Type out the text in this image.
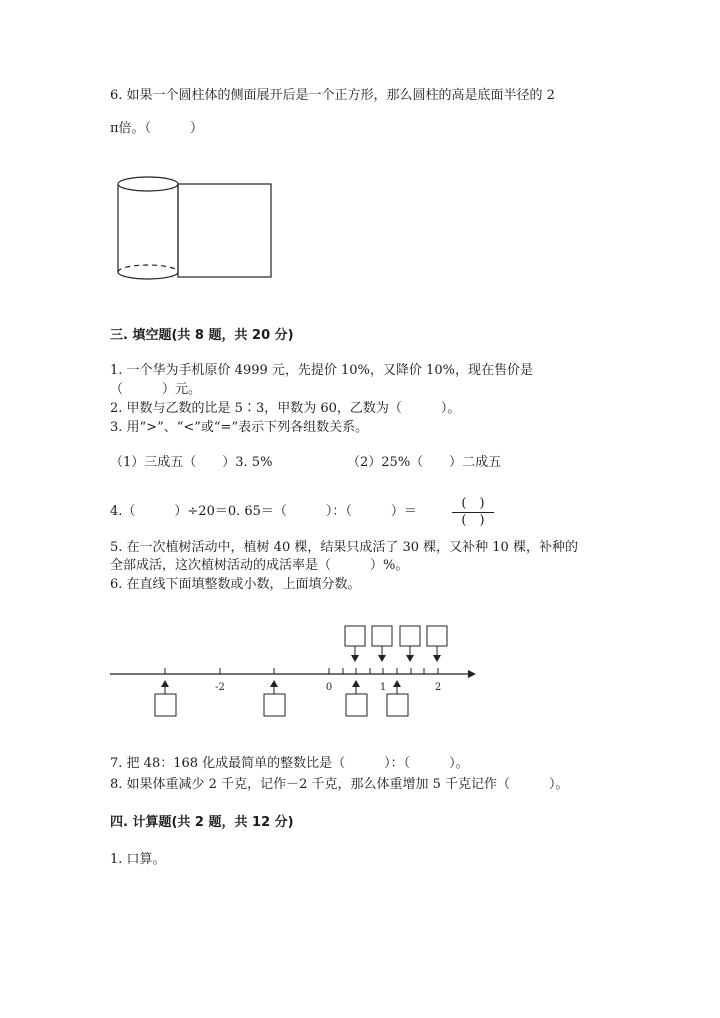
6. 如果一个圆柱体的侧面展开后是一个正方形，那么圆柱的高是底面半径的 2
π倍。（　　　）
三. 填空题(共 8 题，共 20 分)
1. 一个华为手机原价 4999 元，先提价 10%，又降价 10%，现在售价是
（　　　）元。
2. 甲数与乙数的比是 5∶3，甲数为 60，乙数为（　　　）。
3. 用“>”、“<”或“=”表示下列各组数关系。
（1）三成五（　　）3. 5%	（2）25%（　　）二成五
4.（　　　）÷20＝0. 65＝（　　　）：（　　　）＝
(　)
(　)
5. 在一次植树活动中，植树 40 棵，结果只成活了 30 棵，又补种 10 棵，补种的
全部成活，这次植树活动的成活率是（　　　）%。
6. 在直线下面填整数或小数，上面填分数。
-2	0	1	2
7. 把 48：168 化成最简单的整数比是（　　　）：（　　　）。
8. 如果体重减少 2 千克，记作－2 千克，那么体重增加 5 千克记作（　　　）。
四. 计算题(共 2 题，共 12 分)
1. 口算。
